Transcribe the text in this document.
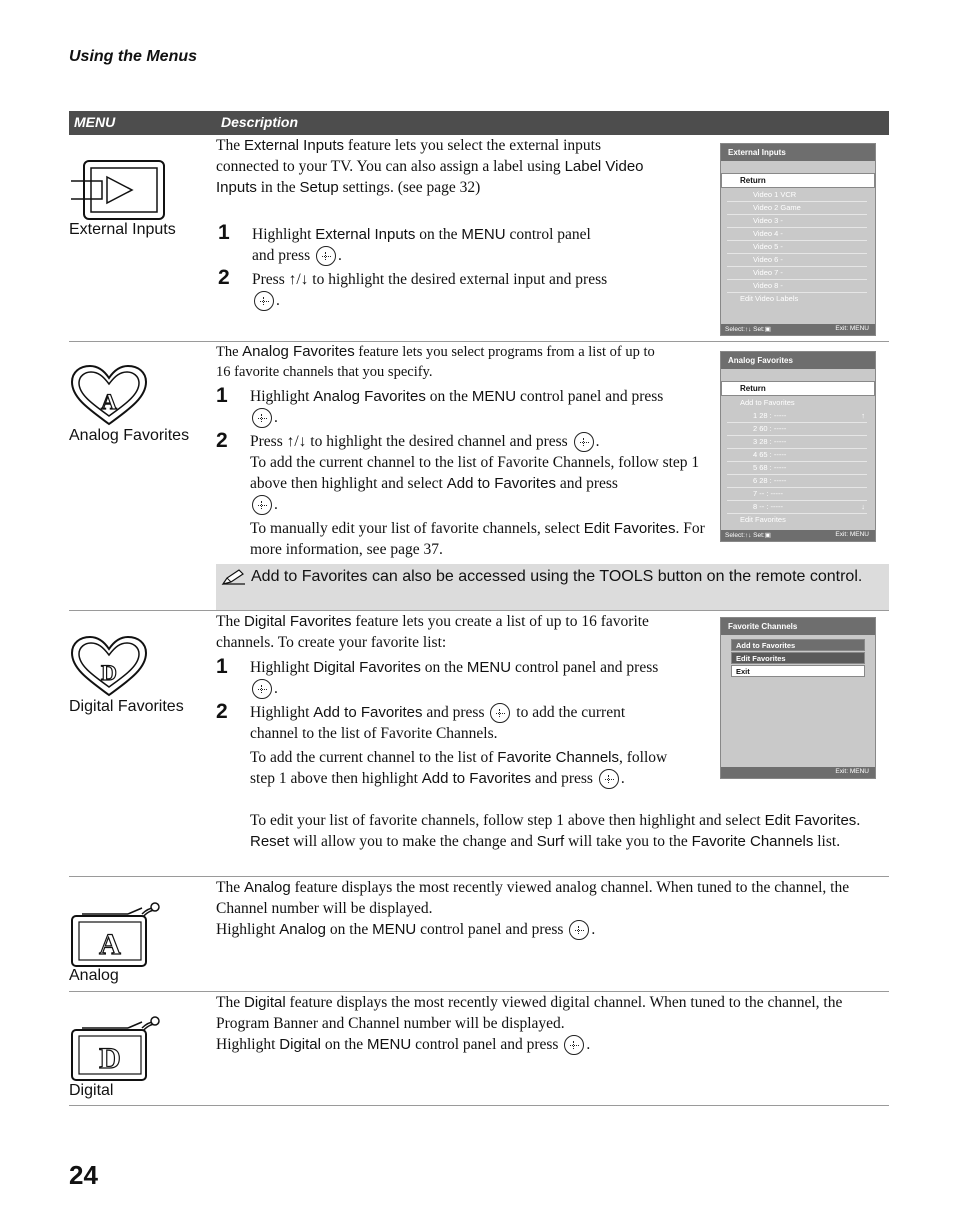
Using the Menus
MENU	Description
External Inputs
The External Inputs feature lets you select the external inputs connected to your TV. You can also assign a label using Label Video Inputs in the Setup settings. (see page 32)
1 Highlight External Inputs on the MENU control panel and press .
2 Press ↑/↓ to highlight the desired external input and press .
External Inputs
Return
Video 1 VCR
Video 2 Game
Video 3 -
Video 4 -
Video 5 -
Video 6 -
Video 7 -
Video 8 -
Edit Video Labels
Select:↑↓ Set:▣	Exit: MENU
A
Analog Favorites
The Analog Favorites feature lets you select programs from a list of up to 16 favorite channels that you specify.
1 Highlight Analog Favorites on the MENU control panel and press .
2 Press ↑/↓ to highlight the desired channel and press .
To add the current channel to the list of Favorite Channels, follow step 1 above then highlight and select Add to Favorites and press
.
To manually edit your list of favorite channels, select Edit Favorites. For more information, see page 37.
Analog Favorites
Return
Add to Favorites
1 28 : -----	↑
2 60 : -----
3 28 : -----
4 65 : -----
5 68 : -----
6 28 : -----
7 -- : -----
8 -- : -----	↓
Edit Favorites
Select:↑↓ Set:▣	Exit: MENU
Add to Favorites can also be accessed using the TOOLS button on the remote control.
D
Digital Favorites
The Digital Favorites feature lets you create a list of up to 16 favorite channels. To create your favorite list:
1 Highlight Digital Favorites on the MENU control panel and press .
2 Highlight Add to Favorites and press  to add the current channel to the list of Favorite Channels.
To add the current channel to the list of Favorite Channels, follow step 1 above then highlight Add to Favorites and press .
To edit your list of favorite channels, follow step 1 above then highlight and select Edit Favorites. Reset will allow you to make the change and Surf will take you to the Favorite Channels list.
Favorite Channels
Add to Favorites
Edit Favorites
Exit
Exit: MENU
A
Analog
The Analog feature displays the most recently viewed analog channel. When tuned to the channel, the Channel number will be displayed.
Highlight Analog on the MENU control panel and press .
D
Digital
The Digital feature displays the most recently viewed digital channel. When tuned to the channel, the Program Banner and Channel number will be displayed.
Highlight Digital on the MENU control panel and press .
24
